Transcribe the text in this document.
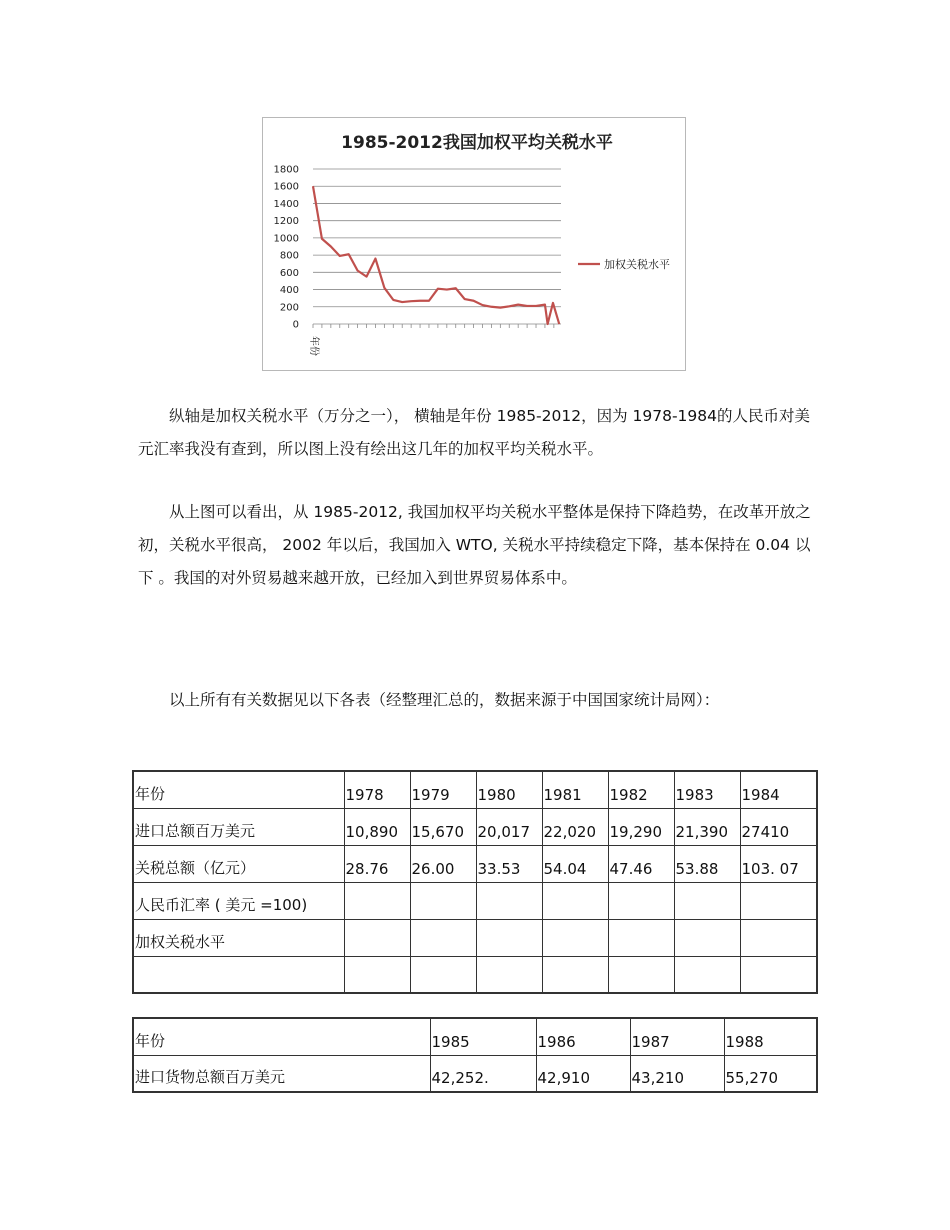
1985-2012我国加权平均关税水平
0
200
400
600
800
1000
1200
1400
1600
1800
年份
加权关税水平

纵轴是加权关税水平（万分之一）， 横轴是年份 1985-2012，因为 1978-1984的人民币对美元汇率我没有查到，所以图上没有绘出这几年的加权平均关税水平。

从上图可以看出，从 1985-2012, 我国加权平均关税水平整体是保持下降趋势，在改革开放之初，关税水平很高， 2002 年以后，我国加入 WTO, 关税水平持续稳定下降，基本保持在 0.04 以下 。我国的对外贸易越来越开放，已经加入到世界贸易体系中。

以上所有有关数据见以下各表（经整理汇总的，数据来源于中国国家统计局网）：

年份	1978	1979	1980	1981	1982	1983	1984
进口总额百万美元	10,890	15,670	20,017	22,020	19,290	21,390	27410
关税总额（亿元）	28.76	26.00	33.53	54.04	47.46	53.88	103. 07
人民币汇率 ( 美元 =100)							
加权关税水平							

年份	1985	1986	1987	1988
进口货物总额百万美元	42,252.	42,910	43,210	55,270
